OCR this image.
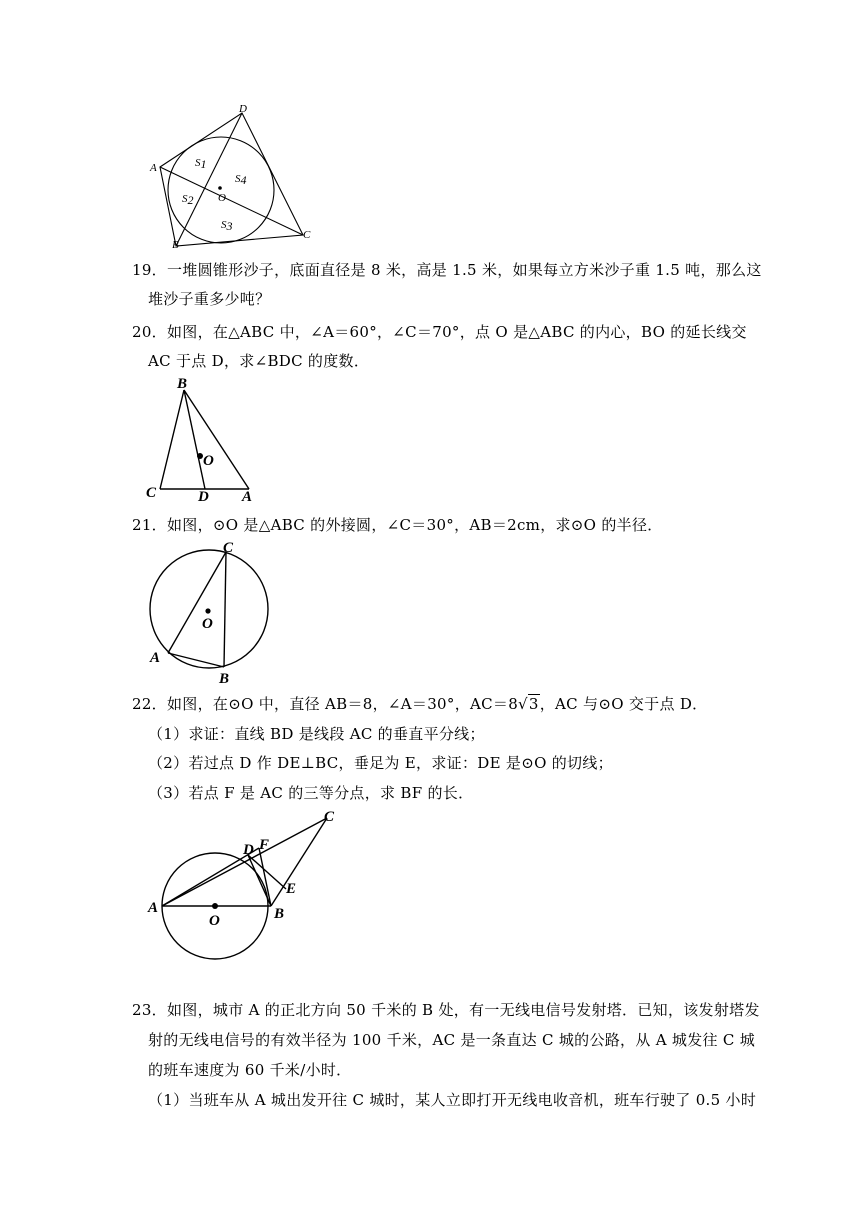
D
A
B
C
O
S1
S2
S3
S4
19．一堆圆锥形沙子，底面直径是 8 米，高是 1.5 米，如果每立方米沙子重 1.5 吨，那么这
堆沙子重多少吨？
20．如图，在△ABC 中，∠A＝60°，∠C＝70°，点 O 是△ABC 的内心，BO 的延长线交
AC 于点 D，求∠BDC 的度数．
B
O
C	D A
21．如图，⊙O 是△ABC 的外接圆，∠C＝30°，AB＝2cm，求⊙O 的半径．
C
O
A
B
22．如图，在⊙O 中，直径 AB＝8，∠A＝30°，AC＝8√3，AC 与⊙O 交于点 D．
（1）求证：直线 BD 是线段 AC 的垂直平分线；
（2）若过点 D 作 DE⊥BC，垂足为 E，求证：DE 是⊙O 的切线；
（3）若点 F 是 AC 的三等分点，求 BF 的长．
A
O	B
C
D F
E
23．如图，城市 A 的正北方向 50 千米的 B 处，有一无线电信号发射塔．已知，该发射塔发
射的无线电信号的有效半径为 100 千米，AC 是一条直达 C 城的公路，从 A 城发往 C 城
的班车速度为 60 千米/小时．
（1）当班车从 A 城出发开往 C 城时，某人立即打开无线电收音机，班车行驶了 0.5 小时
